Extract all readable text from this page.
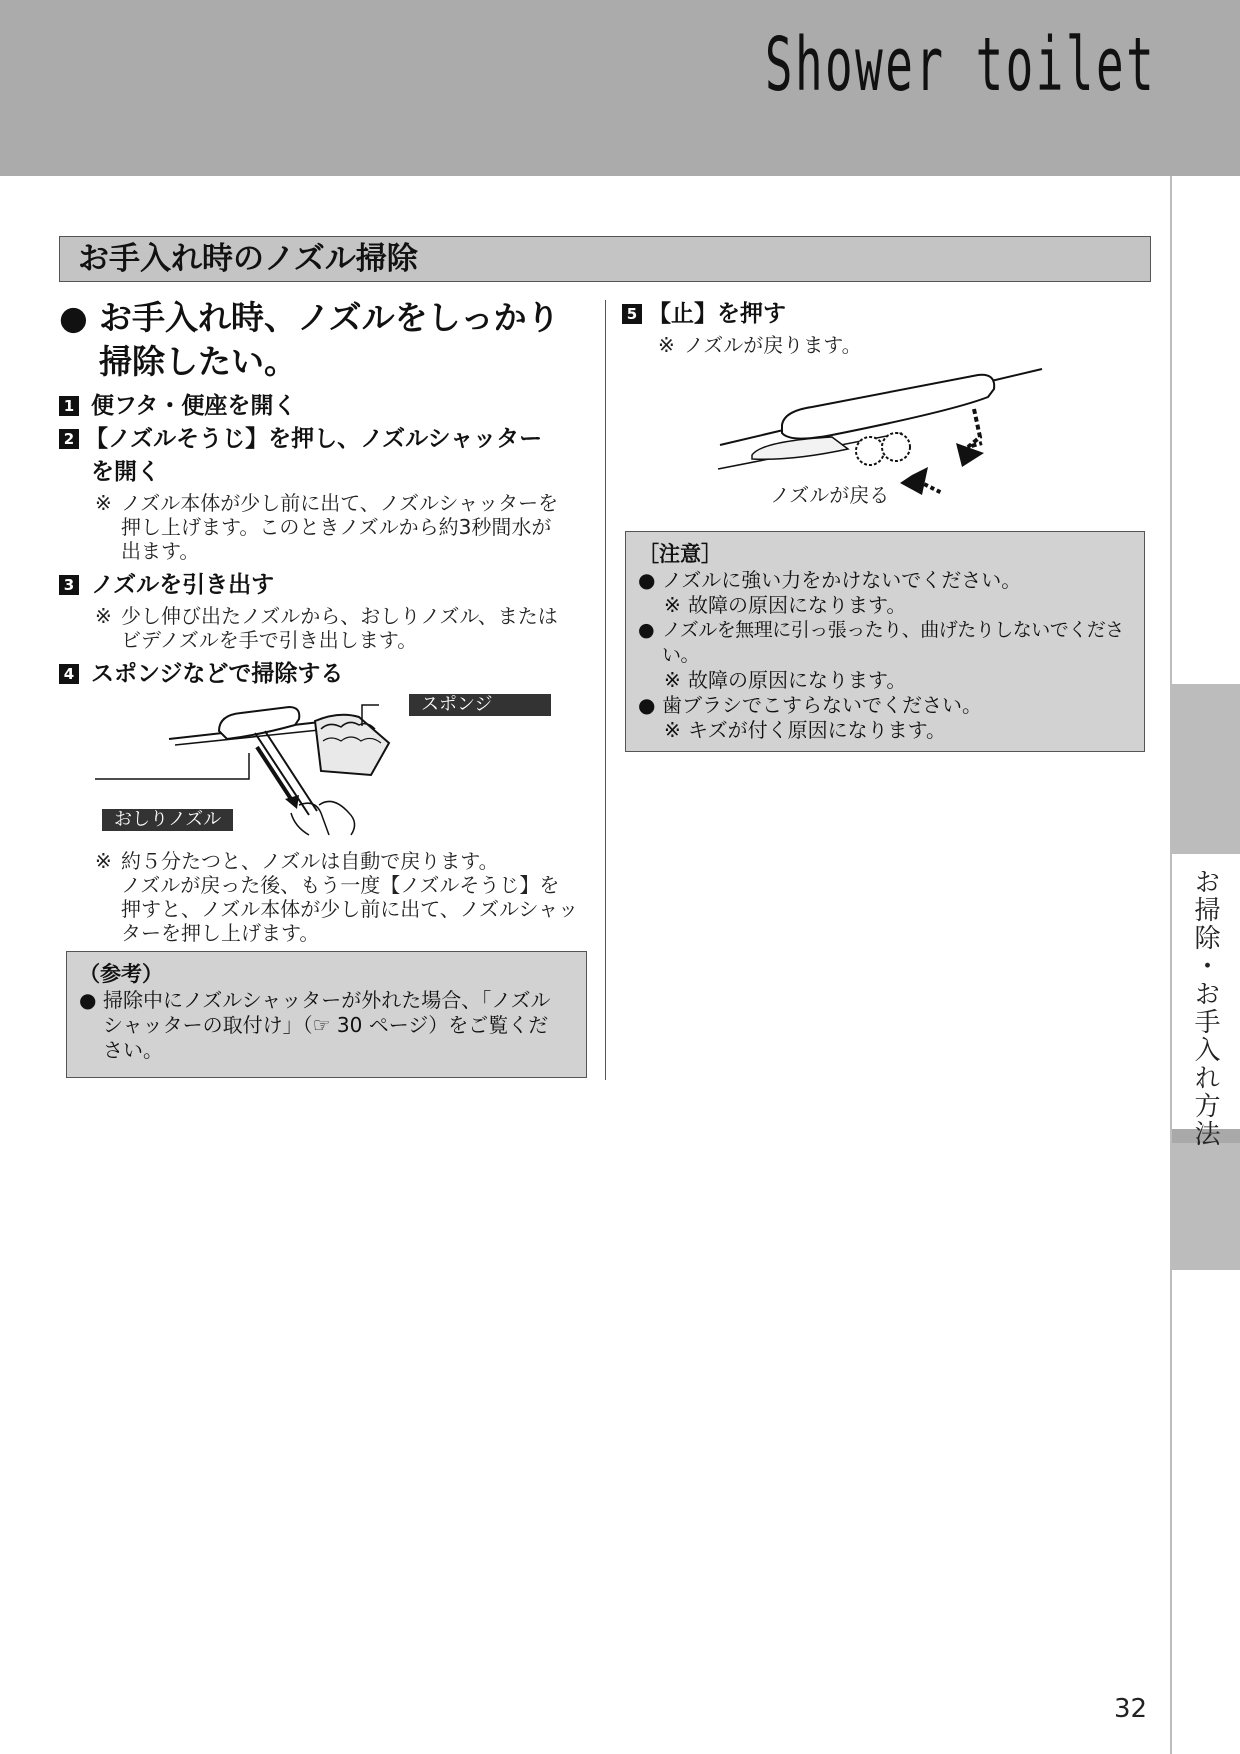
Shower toilet
お掃除・お手入れ方法
お手入れ時のノズル掃除
● お手入れ時、ノズルをしっかり
掃除したい。
1 便フタ・便座を開く
2 【ノズルそうじ】を押し、ノズルシャッター
を開く
※ ノズル本体が少し前に出て、ノズルシャッターを
押し上げます。このときノズルから約3秒間水が
出ます。
3 ノズルを引き出す
※ 少し伸び出たノズルから、おしりノズル、または
ビデノズルを手で引き出します。
4 スポンジなどで掃除する
スポンジ
おしりノズル
※ 約５分たつと、ノズルは自動で戻ります。
ノズルが戻った後、もう一度【ノズルそうじ】を
押すと、ノズル本体が少し前に出て、ノズルシャッ
ターを押し上げます。
（参考）
● 掃除中にノズルシャッターが外れた場合、「ノズル
シャッターの取付け」（☞ 30 ページ）をご覧くだ
さい。
5 【止】を押す
※ ノズルが戻ります。
ノズルが戻る
［注意］
● ノズルに強い力をかけないでください。
※ 故障の原因になります。
● ノズルを無理に引っ張ったり、曲げたりしないでください。
※ 故障の原因になります。
● 歯ブラシでこすらないでください。
※ キズが付く原因になります。
32
